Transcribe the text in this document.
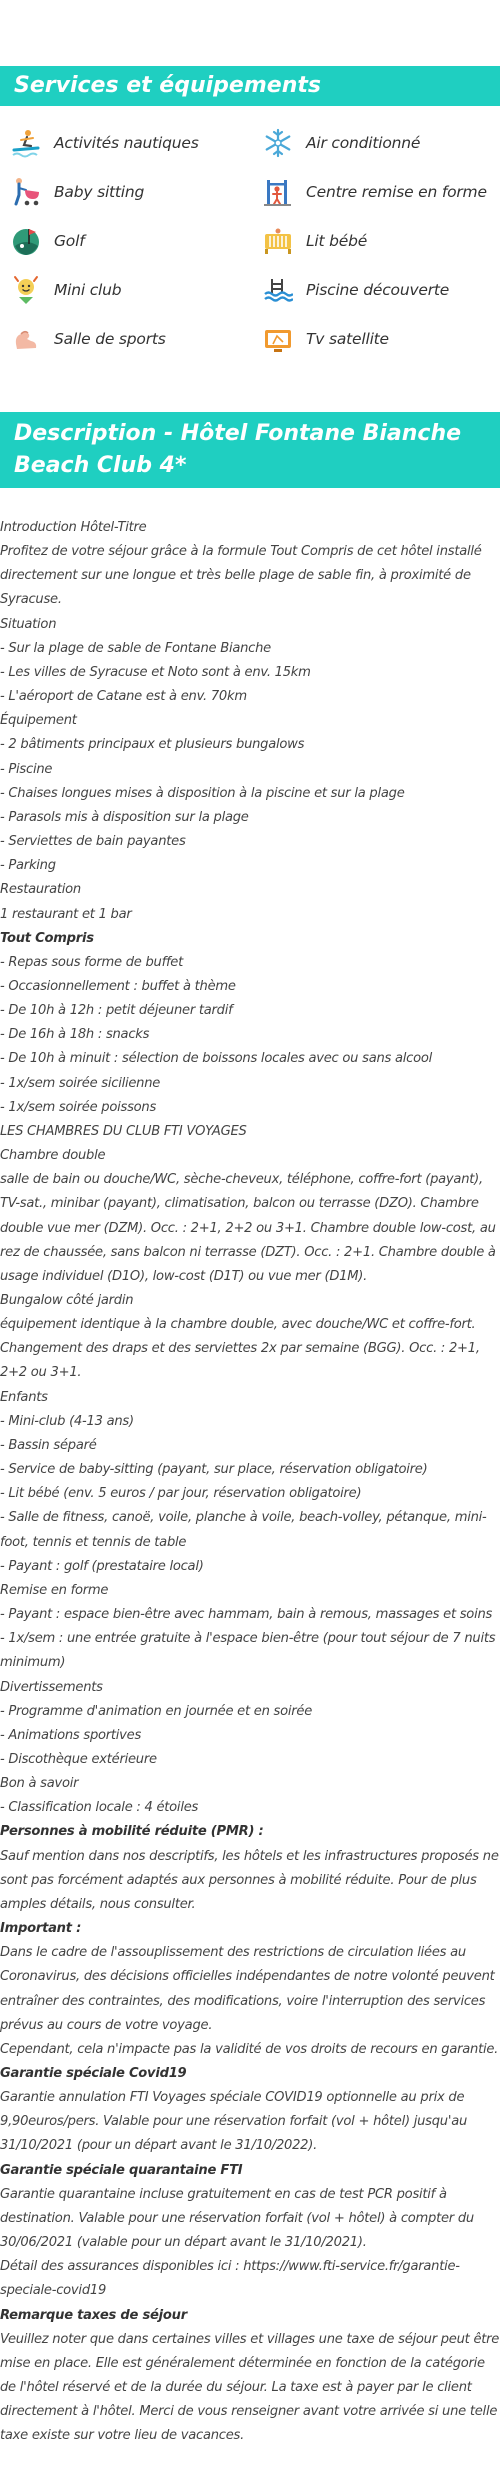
Services et équipements
Activités nautiques	Air conditionné
Baby sitting	Centre remise en forme
Golf	Lit bébé
Mini club	Piscine découverte
Salle de sports	Tv satellite
Description - Hôtel Fontane Bianche Beach Club 4*

Introduction Hôtel-Titre

Profitez de votre séjour grâce à la formule Tout Compris de cet hôtel installé directement sur une longue et très belle plage de sable fin, à proximité de Syracuse.

Situation

- Sur la plage de sable de Fontane Bianche

- Les villes de Syracuse et Noto sont à env. 15km

- L'aéroport de Catane est à env. 70km

Équipement

- 2 bâtiments principaux et plusieurs bungalows

- Piscine

- Chaises longues mises à disposition à la piscine et sur la plage

- Parasols mis à disposition sur la plage

- Serviettes de bain payantes

- Parking

Restauration

1 restaurant et 1 bar

Tout Compris

- Repas sous forme de buffet

- Occasionnellement : buffet à thème

- De 10h à 12h : petit déjeuner tardif

- De 16h à 18h : snacks

- De 10h à minuit : sélection de boissons locales avec ou sans alcool

- 1x/sem soirée sicilienne

- 1x/sem soirée poissons

LES CHAMBRES DU CLUB FTI VOYAGES

Chambre double

salle de bain ou douche/WC, sèche-cheveux, téléphone, coffre-fort (payant), TV-sat., minibar (payant), climatisation, balcon ou terrasse (DZO). Chambre double vue mer (DZM). Occ. : 2+1, 2+2 ou 3+1. Chambre double low-cost, au rez de chaussée, sans balcon ni terrasse (DZT). Occ. : 2+1. Chambre double à usage individuel (D1O), low-cost (D1T) ou vue mer (D1M).

Bungalow côté jardin

équipement identique à la chambre double, avec douche/WC et coffre-fort. Changement des draps et des serviettes 2x par semaine (BGG). Occ. : 2+1, 2+2 ou 3+1.

Enfants

- Mini-club (4-13 ans)

- Bassin séparé

- Service de baby-sitting (payant, sur place, réservation obligatoire)

- Lit bébé (env. 5 euros / par jour, réservation obligatoire)

- Salle de fitness, canoë, voile, planche à voile, beach-volley, pétanque, mini-foot, tennis et tennis de table

- Payant : golf (prestataire local)

Remise en forme

- Payant : espace bien-être avec hammam, bain à remous, massages et soins

- 1x/sem : une entrée gratuite à l'espace bien-être (pour tout séjour de 7 nuits minimum)

Divertissements

- Programme d'animation en journée et en soirée

- Animations sportives

- Discothèque extérieure

Bon à savoir

- Classification locale : 4 étoiles

Personnes à mobilité réduite (PMR) :

Sauf mention dans nos descriptifs, les hôtels et les infrastructures proposés ne sont pas forcément adaptés aux personnes à mobilité réduite. Pour de plus amples détails, nous consulter.

Important :

Dans le cadre de l'assouplissement des restrictions de circulation liées au Coronavirus, des décisions officielles indépendantes de notre volonté peuvent entraîner des contraintes, des modifications, voire l'interruption des services prévus au cours de votre voyage.

Cependant, cela n'impacte pas la validité de vos droits de recours en garantie.

Garantie spéciale Covid19

Garantie annulation FTI Voyages spéciale COVID19 optionnelle au prix de 9,90euros/pers. Valable pour une réservation forfait (vol + hôtel) jusqu'au 31/10/2021 (pour un départ avant le 31/10/2022).

Garantie spéciale quarantaine FTI

Garantie quarantaine incluse gratuitement en cas de test PCR positif à destination. Valable pour une réservation forfait (vol + hôtel) à compter du 30/06/2021 (valable pour un départ avant le 31/10/2021).

Détail des assurances disponibles ici : https://www.fti-service.fr/garantie-speciale-covid19

Remarque taxes de séjour

Veuillez noter que dans certaines villes et villages une taxe de séjour peut être mise en place. Elle est généralement déterminée en fonction de la catégorie de l'hôtel réservé et de la durée du séjour. La taxe est à payer par le client directement à l'hôtel. Merci de vous renseigner avant votre arrivée si une telle taxe existe sur votre lieu de vacances.
